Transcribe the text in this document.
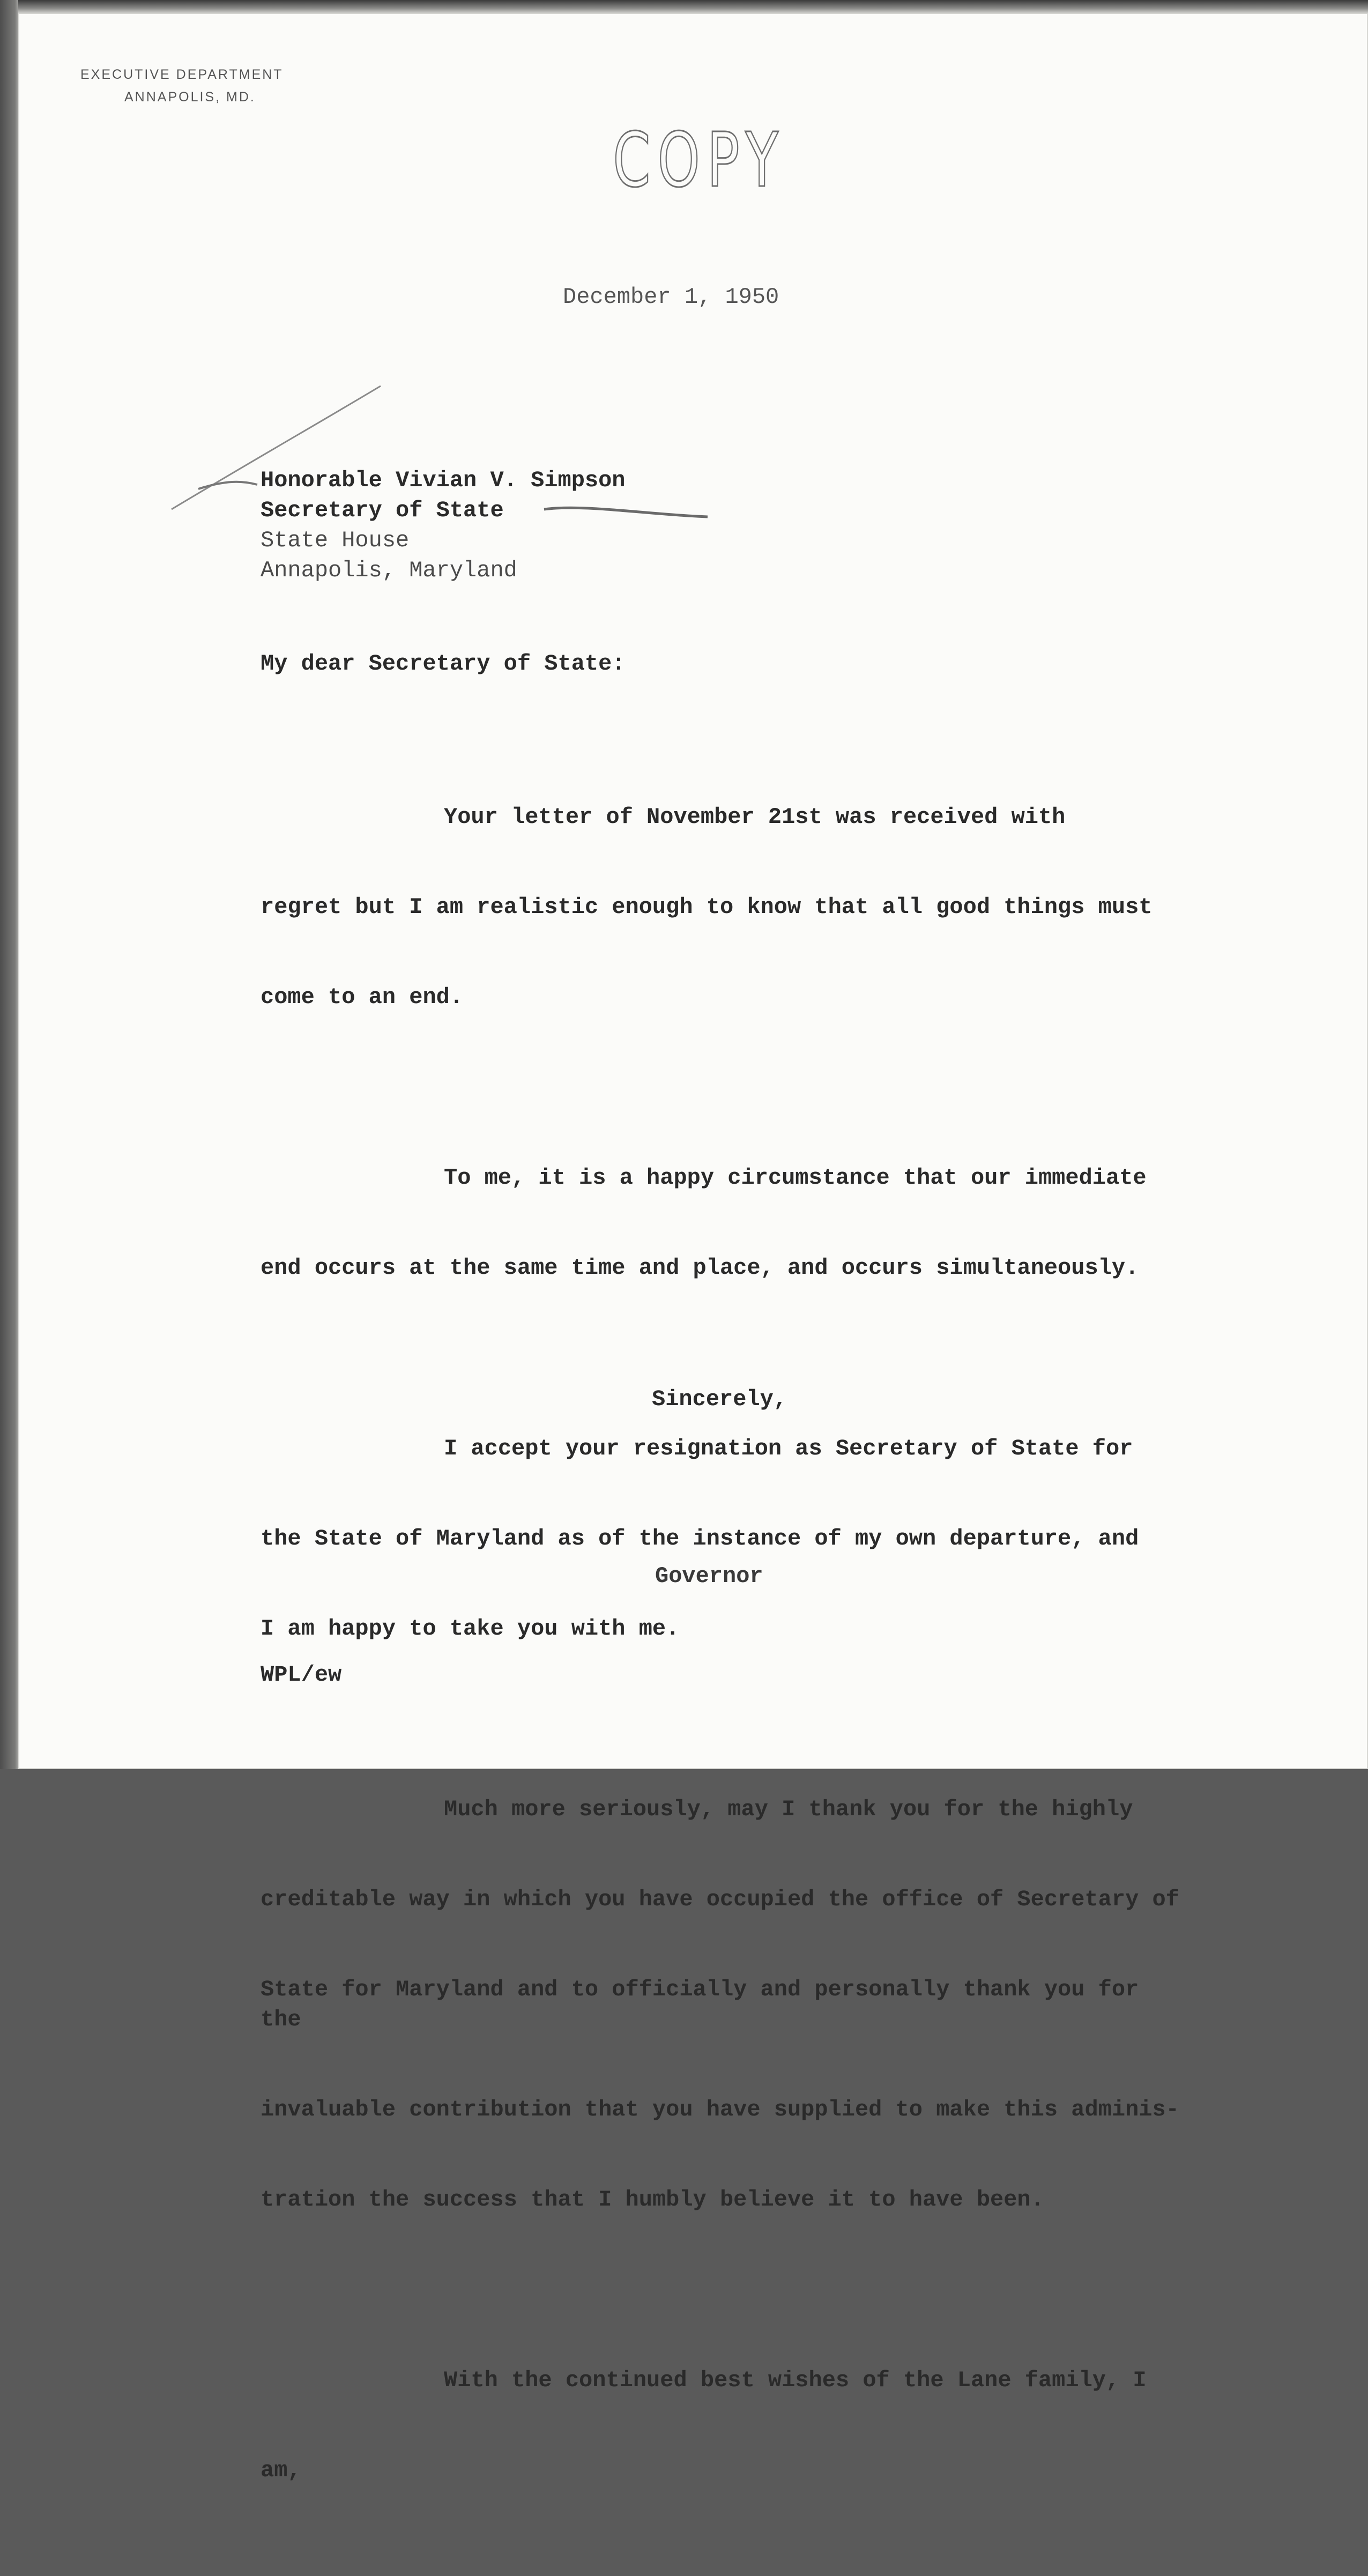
EXECUTIVE DEPARTMENT
ANNAPOLIS, MD.
COPY
December 1, 1950
Honorable Vivian V. Simpson
Secretary of State
State House
Annapolis, Maryland
My dear Secretary of State:

Your letter of November 21st was received with

regret but I am realistic enough to know that all good things must

come to an end.

To me, it is a happy circumstance that our immediate

end occurs at the same time and place, and occurs simultaneously.

I accept your resignation as Secretary of State for

the State of Maryland as of the instance of my own departure, and

I am happy to take you with me.

Much more seriously, may I thank you for the highly

creditable way in which you have occupied the office of Secretary of

State for Maryland and to officially and personally thank you for the

invaluable contribution that you have supplied to make this adminis-

tration the success that I humbly believe it to have been.

With the continued best wishes of the Lane family, I

am,

Sincerely,
Governor
WPL/ew
